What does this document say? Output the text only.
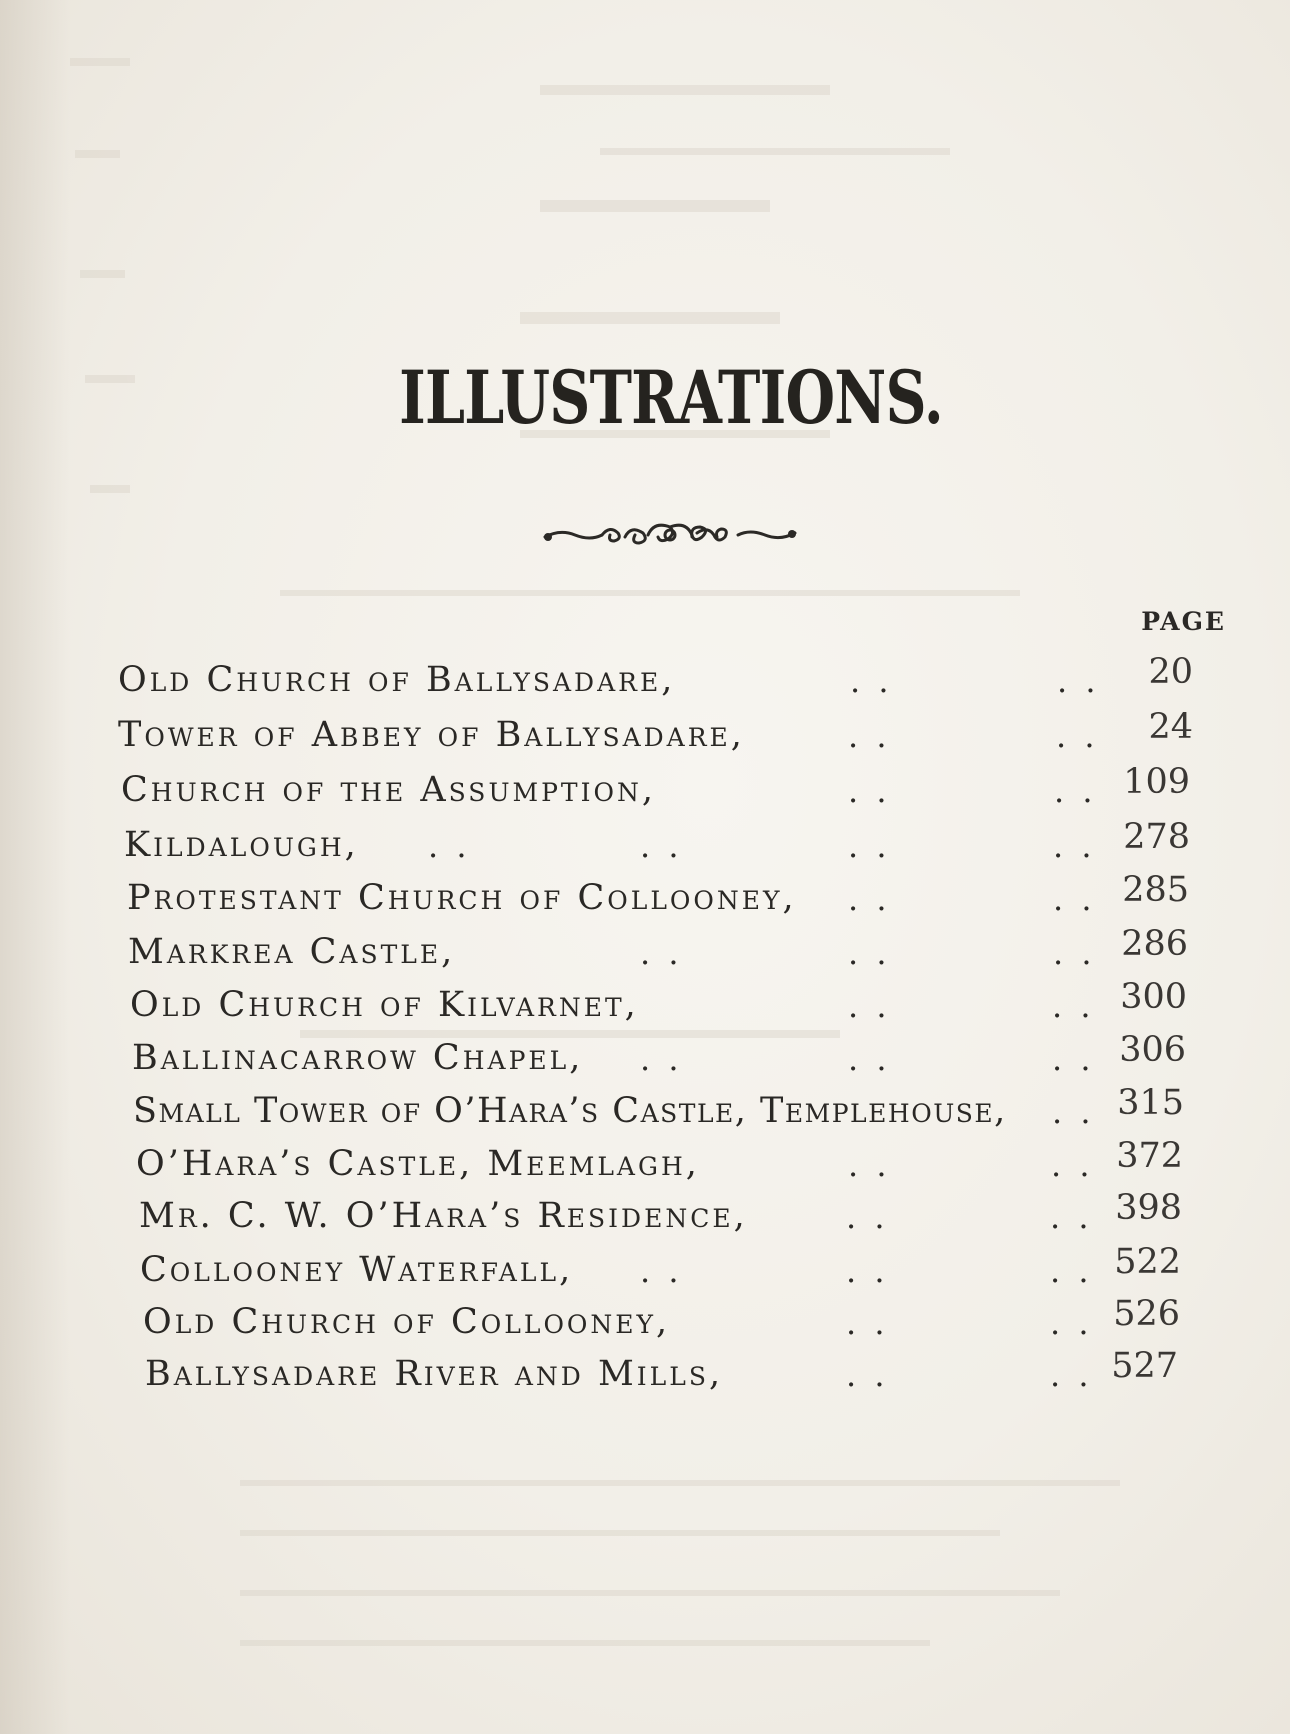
ILLUSTRATIONS.
PAGE
Old Church of Ballysadare,	. .	. .	20
Tower of Abbey of Ballysadare,	. .	. .	24
Church of the Assumption,	. .	. . 109
Kildalough, . .	. .	. .	. . 278
Protestant Church of Collooney, . .	. . 285
Markrea Castle,	. .	. .	. . 286
Old Church of Kilvarnet,	. .	. . 300
Ballinacarrow Chapel, . .	. .	. . 306
Small Tower of O’Hara’s Castle, Templehouse, . . 315
O’Hara’s Castle, Meemlagh,	. .	. . 372
Mr. C. W. O’Hara’s Residence,	. .	. . 398
Collooney Waterfall, . .	. .	. . 522
Old Church of Collooney,	. .	. . 526
Ballysadare River and Mills,	. .	. . 527
